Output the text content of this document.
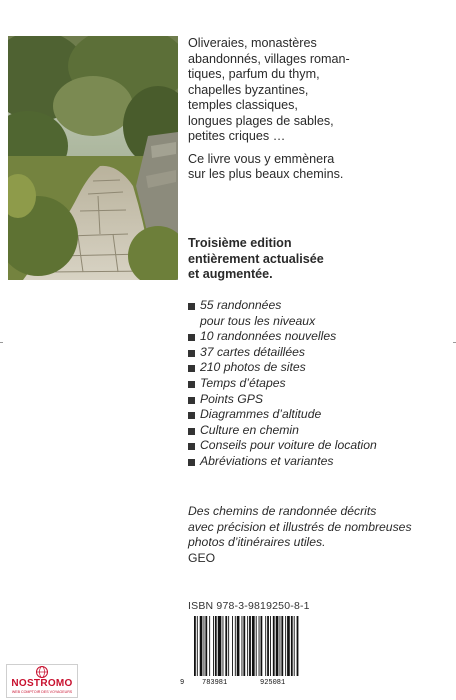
Oliveraies, monastères
abandonnés, villages roman-
tiques, parfum du thym,
chapelles byzantines,
temples classiques,
longues plages de sables,
petites criques …

Ce livre vous y emmènera
sur les plus beaux chemins.

Troisième edition
entièrement actualisée
et augmentée.
55 randonnées
pour tous les niveaux
10 randonnées nouvelles
37 cartes détaillées
210 photos de sites
Temps d’étapes
Points GPS
Diagrammes d’altitude
Culture en chemin
Conseils pour voiture de location
Abréviations et variantes
Des chemins de randonnée décrits
avec précision et illustrés de nombreuses
photos d’itinéraires utiles.
GEO
ISBN 978-3-9819250-8-1
9	783981	925081
NOSTROMO
WEB COMPTOIR DES VOYAGEURS
